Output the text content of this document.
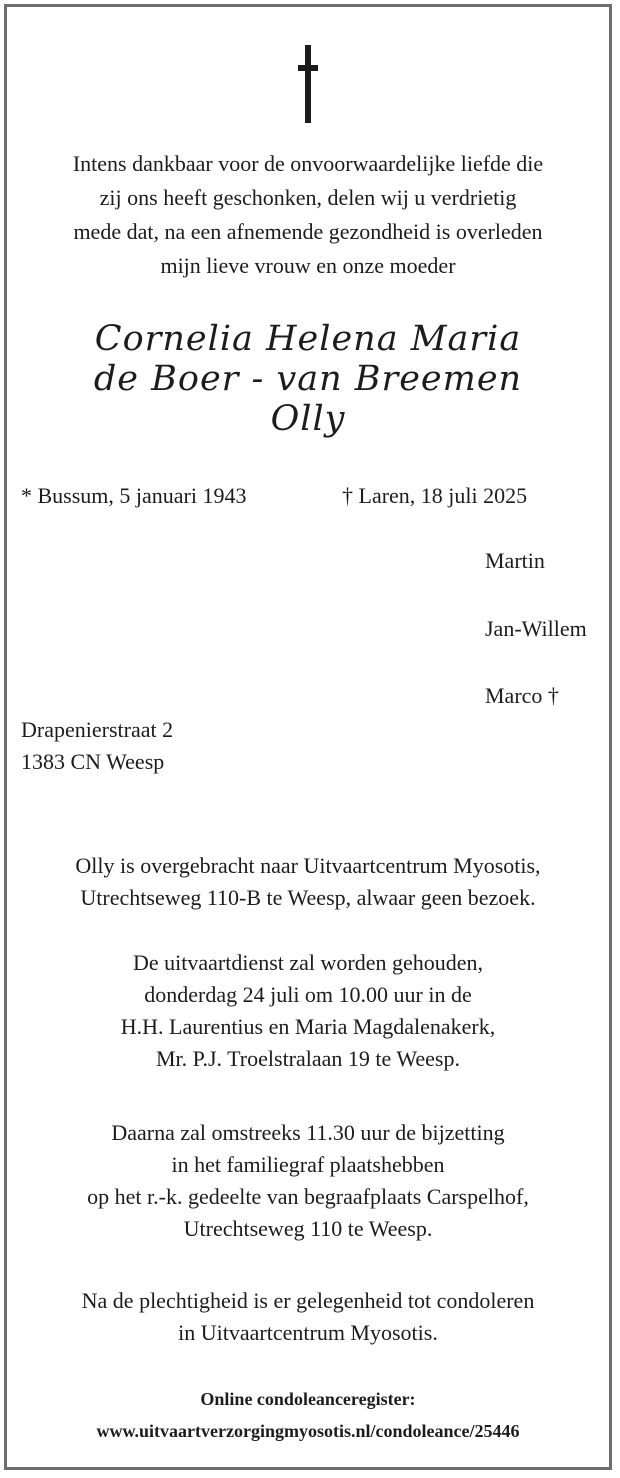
Intens dankbaar voor de onvoorwaardelijke liefde die
zij ons heeft geschonken, delen wij u verdrietig
mede dat, na een afnemende gezondheid is overleden
mijn lieve vrouw en onze moeder
Cornelia Helena Maria
de Boer - van Breemen
Olly
* Bussum, 5 januari 1943	† Laren, 18 juli 2025
Martin
Jan-Willem
Marco †
Drapenierstraat 2
1383 CN Weesp
Olly is overgebracht naar Uitvaartcentrum Myosotis,
Utrechtseweg 110-B te Weesp, alwaar geen bezoek.
De uitvaartdienst zal worden gehouden,
donderdag 24 juli om 10.00 uur in de
H.H. Laurentius en Maria Magdalenakerk,
Mr. P.J. Troelstralaan 19 te Weesp.
Daarna zal omstreeks 11.30 uur de bijzetting
in het familiegraf plaatshebben
op het r.-k. gedeelte van begraafplaats Carspelhof,
Utrechtseweg 110 te Weesp.
Na de plechtigheid is er gelegenheid tot condoleren
in Uitvaartcentrum Myosotis.
Online condoleanceregister:
www.uitvaartverzorgingmyosotis.nl/condoleance/25446
